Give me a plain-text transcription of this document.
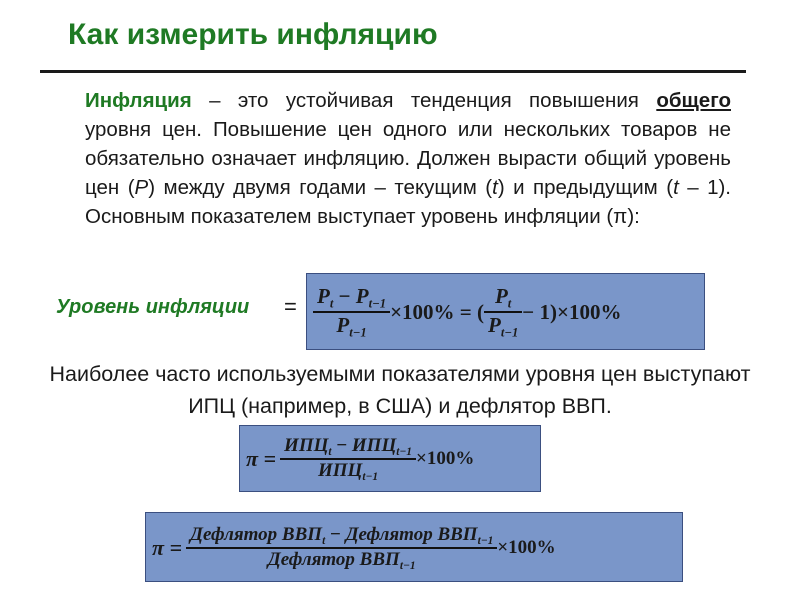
Как измерить инфляцию

Инфляция – это устойчивая тенденция повышения общего уровня цен. Повышение цен одного или нескольких товаров не обязательно означает инфляцию. Должен вырасти общий уровень цен (P) между двумя годами – текущим (t) и предыдущим (t – 1). Основным показателем выступает уровень инфляции (π):

Уровень инфляции = $\frac{P_t - P_{t-1}}{P_{t-1}} \times 100\%$ = ( $\frac{P_t}{P_{t-1}} - 1) \times 100\%$
Наиболее часто используемыми показателями уровня цен выступают ИПЦ (например, в США) и дефлятор ВВП.
$\pi = \frac{ИПЦ_t - ИПЦ_{t-1}}{ИПЦ_{t-1}} \times 100\%$
$\pi = \frac{Дефлятор ВВП_t - Дефлятор ВВП_{t-1}}{Дефлятор ВВП_{t-1}} \times 100\%$
